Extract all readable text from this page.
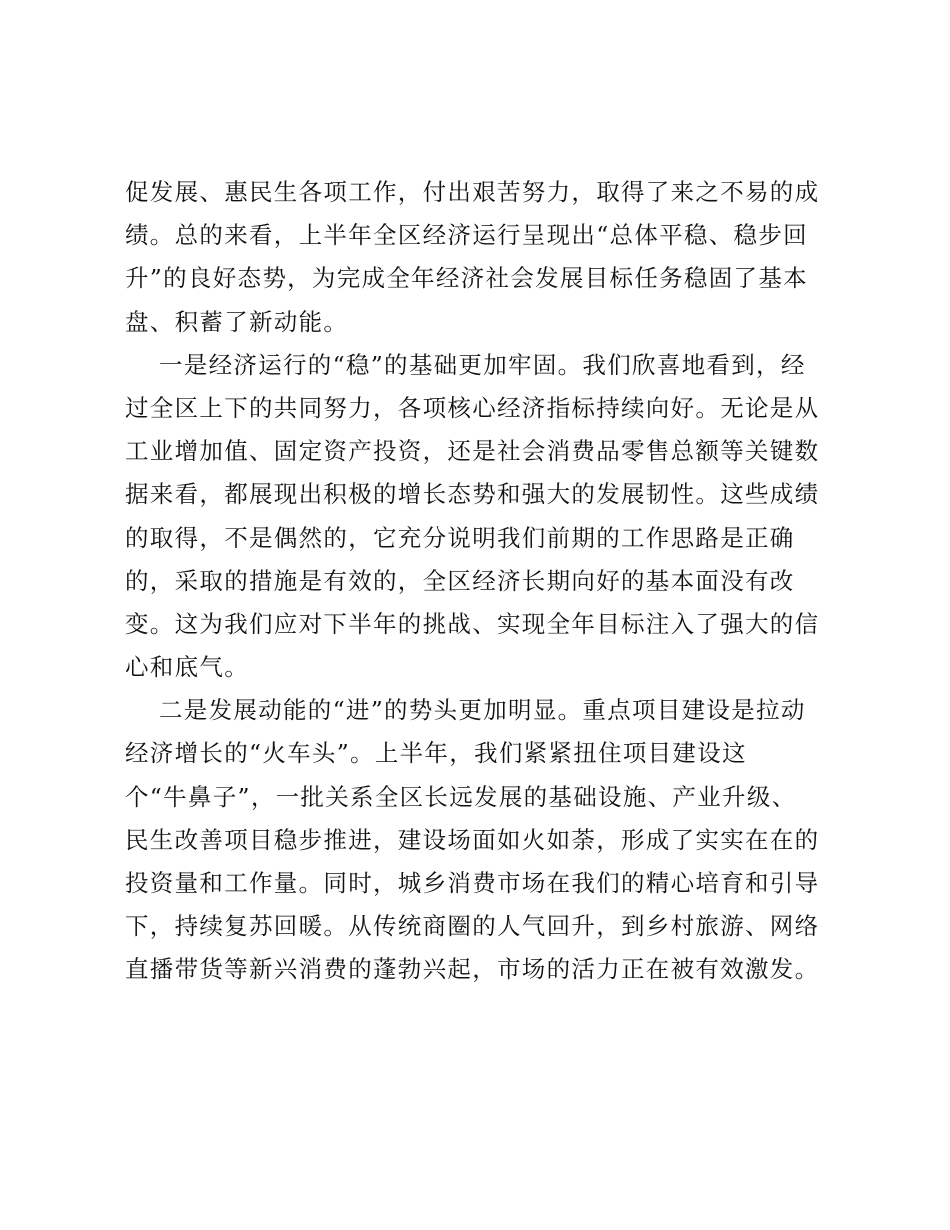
促发展、惠民生各项工作，付出艰苦努力，取得了来之不易的成
绩。总的来看，上半年全区经济运行呈现出“总体平稳、稳步回
升”的良好态势，为完成全年经济社会发展目标任务稳固了基本
盘、积蓄了新动能。
一是经济运行的“稳”的基础更加牢固。我们欣喜地看到，经
过全区上下的共同努力，各项核心经济指标持续向好。无论是从
工业增加值、固定资产投资，还是社会消费品零售总额等关键数
据来看，都展现出积极的增长态势和强大的发展韧性。这些成绩
的取得，不是偶然的，它充分说明我们前期的工作思路是正确
的，采取的措施是有效的，全区经济长期向好的基本面没有改
变。这为我们应对下半年的挑战、实现全年目标注入了强大的信
心和底气。
二是发展动能的“进”的势头更加明显。重点项目建设是拉动
经济增长的“火车头”。上半年，我们紧紧扭住项目建设这
个“牛鼻子”，一批关系全区长远发展的基础设施、产业升级、
民生改善项目稳步推进，建设场面如火如荼，形成了实实在在的
投资量和工作量。同时，城乡消费市场在我们的精心培育和引导
下，持续复苏回暖。从传统商圈的人气回升，到乡村旅游、网络
直播带货等新兴消费的蓬勃兴起，市场的活力正在被有效激发。
